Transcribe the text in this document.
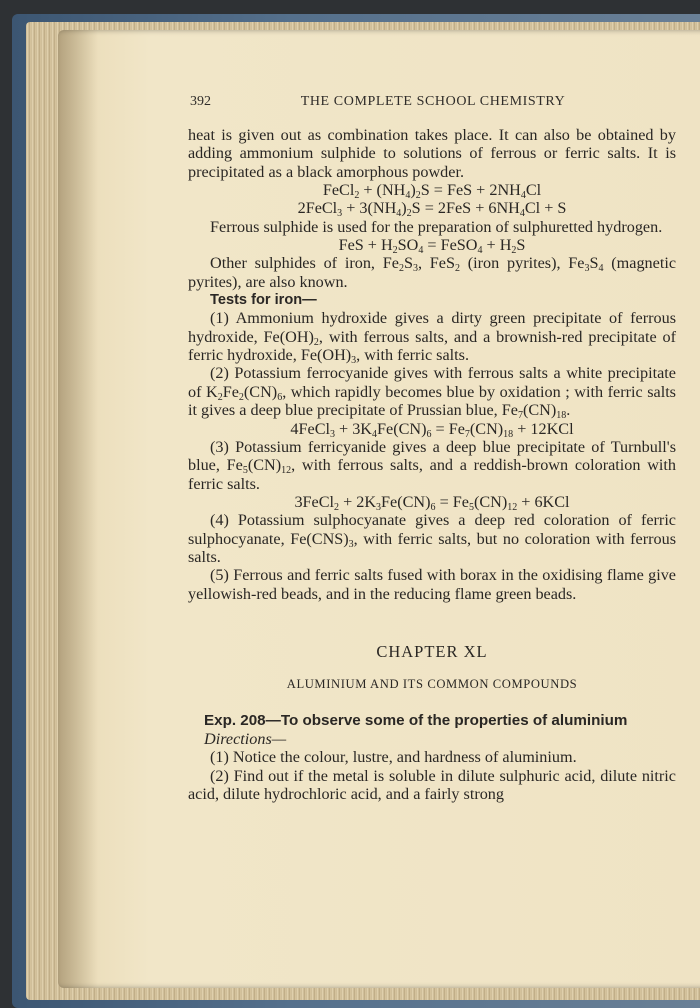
392	THE COMPLETE SCHOOL CHEMISTRY

heat is given out as combination takes place. It can also be obtained by adding ammonium sulphide to solutions of ferrous or ferric salts. It is precipitated as a black amorphous powder.

FeCl$_2$ + $(NH_4)_2S$ = FeS + $2NH_4Cl$

2FeCl$_3$ + $3(NH_4)_2S = 2FeS + 6NH_4Cl + S$

Ferrous sulphide is used for the preparation of sulphuretted hydrogen.

FeS + $H_2SO_4$ = FeSO$_4$ + $H_2S$

Other sulphides of iron, $Fe_2S_3$, FeS$_2$ (iron pyrites), $Fe_3S_4$ (magnetic pyrites), are also known.

Tests for iron—

(1) Ammonium hydroxide gives a dirty green precipitate of ferrous hydroxide, $Fe(OH)_2$, with ferrous salts, and a brownish-red precipitate of ferric hydroxide, $Fe(OH)_3$, with ferric salts.

(2) Potassium ferrocyanide gives with ferrous salts a white precipitate of $K_2Fe_2(CN)_6$, which rapidly becomes blue by oxidation ; with ferric salts it gives a deep blue precipitate of Prussian blue, $Fe_7(CN)_{18}$.

4FeCl$_3$ + $3K_4Fe(CN)_6 = Fe_7(CN)_{18} + 12KCl$

(3) Potassium ferricyanide gives a deep blue precipitate of Turnbull's blue, $Fe_5(CN)_{12}$, with ferrous salts, and a reddish-brown coloration with ferric salts.

3FeCl$_2$ + $2K_3Fe(CN)_6 = Fe_5(CN)_{12} + 6KCl$

(4) Potassium sulphocyanate gives a deep red coloration of ferric sulphocyanate, $Fe(CNS)_3$, with ferric salts, but no coloration with ferrous salts.

(5) Ferrous and ferric salts fused with borax in the oxidising flame give yellowish-red beads, and in the reducing flame green beads.

CHAPTER XL

ALUMINIUM AND ITS COMMON COMPOUNDS

Exp. 208—To observe some of the properties of aluminium

Directions—

(1) Notice the colour, lustre, and hardness of aluminium.

(2) Find out if the metal is soluble in dilute sulphuric acid, dilute nitric acid, dilute hydrochloric acid, and a fairly strong
